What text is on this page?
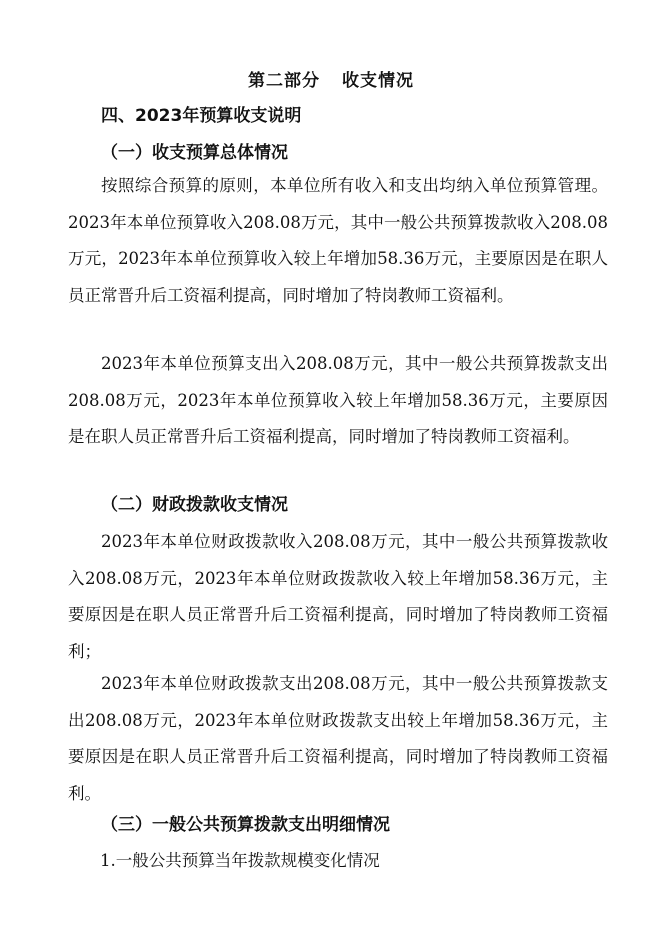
第二部分 收支情况
四、2023年预算收支说明
（一）收支预算总体情况

按照综合预算的原则，本单位所有收入和支出均纳入单位预算管理。2023年本单位预算收入208.08万元，其中一般公共预算拨款收入208.08万元，2023年本单位预算收入较上年增加58.36万元，主要原因是在职人员正常晋升后工资福利提高，同时增加了特岗教师工资福利。

2023年本单位预算支出入208.08万元，其中一般公共预算拨款支出208.08万元，2023年本单位预算收入较上年增加58.36万元，主要原因是在职人员正常晋升后工资福利提高，同时增加了特岗教师工资福利。

（二）财政拨款收支情况

2023年本单位财政拨款收入208.08万元，其中一般公共预算拨款收入208.08万元，2023年本单位财政拨款收入较上年增加58.36万元，主要原因是在职人员正常晋升后工资福利提高，同时增加了特岗教师工资福利；

2023年本单位财政拨款支出208.08万元，其中一般公共预算拨款支出208.08万元，2023年本单位财政拨款支出较上年增加58.36万元，主要原因是在职人员正常晋升后工资福利提高，同时增加了特岗教师工资福利。

（三）一般公共预算拨款支出明细情况
1.一般公共预算当年拨款规模变化情况
